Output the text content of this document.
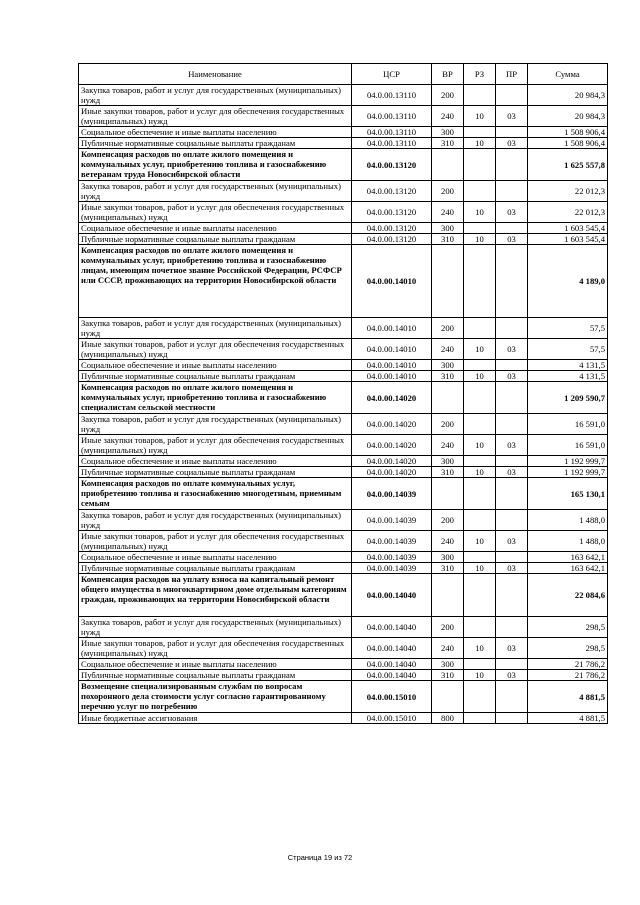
Наименование	ЦСР	ВР	РЗ	ПР	Сумма
Закупка товаров, работ и услуг для государственных (муниципальных) нужд	04.0.00.13110	200			20 984,3
Иные закупки товаров, работ и услуг для обеспечения государственных (муниципальных) нужд	04.0.00.13110	240	10	03	20 984,3
Социальное обеспечение и иные выплаты населению	04.0.00.13110	300			1 508 906,4
Публичные нормативные социальные выплаты гражданам	04.0.00.13110	310	10	03	1 508 906,4
Компенсация расходов по оплате жилого помещения и коммунальных услуг, приобретению топлива и газоснабжению ветеранам труда Новосибирской области	04.0.00.13120				1 625 557,8
Закупка товаров, работ и услуг для государственных (муниципальных) нужд	04.0.00.13120	200			22 012,3
Иные закупки товаров, работ и услуг для обеспечения государственных (муниципальных) нужд	04.0.00.13120	240	10	03	22 012,3
Социальное обеспечение и иные выплаты населению	04.0.00.13120	300			1 603 545,4
Публичные нормативные социальные выплаты гражданам	04.0.00.13120	310	10	03	1 603 545,4
Компенсация расходов по оплате жилого помещения и коммунальных услуг, приобретению топлива и газоснабжению лицам, имеющим почетное звание Российской Федерации, РСФСР или СССР, проживающих на территории Новосибирской области	04.0.00.14010				4 189,0
Закупка товаров, работ и услуг для государственных (муниципальных) нужд	04.0.00.14010	200			57,5
Иные закупки товаров, работ и услуг для обеспечения государственных (муниципальных) нужд	04.0.00.14010	240	10	03	57,5
Социальное обеспечение и иные выплаты населению	04.0.00.14010	300			4 131,5
Публичные нормативные социальные выплаты гражданам	04.0.00.14010	310	10	03	4 131,5
Компенсация расходов по оплате жилого помещения и коммунальных услуг, приобретению топлива и газоснабжению специалистам сельской местности	04.0.00.14020				1 209 590,7
Закупка товаров, работ и услуг для государственных (муниципальных) нужд	04.0.00.14020	200			16 591,0
Иные закупки товаров, работ и услуг для обеспечения государственных (муниципальных) нужд	04.0.00.14020	240	10	03	16 591,0
Социальное обеспечение и иные выплаты населению	04.0.00.14020	300			1 192 999,7
Публичные нормативные социальные выплаты гражданам	04.0.00.14020	310	10	03	1 192 999,7
Компенсация расходов по оплате коммунальных услуг, приобретению топлива и газоснабжению многодетным, приемным семьям	04.0.00.14039				165 130,1
Закупка товаров, работ и услуг для государственных (муниципальных) нужд	04.0.00.14039	200			1 488,0
Иные закупки товаров, работ и услуг для обеспечения государственных (муниципальных) нужд	04.0.00.14039	240	10	03	1 488,0
Социальное обеспечение и иные выплаты населению	04.0.00.14039	300			163 642,1
Публичные нормативные социальные выплаты гражданам	04.0.00.14039	310	10	03	163 642,1
Компенсация расходов на уплату взноса на капитальный ремонт общего имущества в многоквартирном доме отдельным категориям граждан, проживающих на территории Новосибирской области	04.0.00.14040				22 084,6
Закупка товаров, работ и услуг для государственных (муниципальных) нужд	04.0.00.14040	200			298,5
Иные закупки товаров, работ и услуг для обеспечения государственных (муниципальных) нужд	04.0.00.14040	240	10	03	298,5
Социальное обеспечение и иные выплаты населению	04.0.00.14040	300			21 786,2
Публичные нормативные социальные выплаты гражданам	04.0.00.14040	310	10	03	21 786,2
Возмещение специализированным службам по вопросам похоронного дела стоимости услуг согласно гарантированному перечню услуг по погребению	04.0.00.15010				4 881,5
Иные бюджетные ассигнования	04.0.00.15010	800			4 881,5
Страница 19 из 72
